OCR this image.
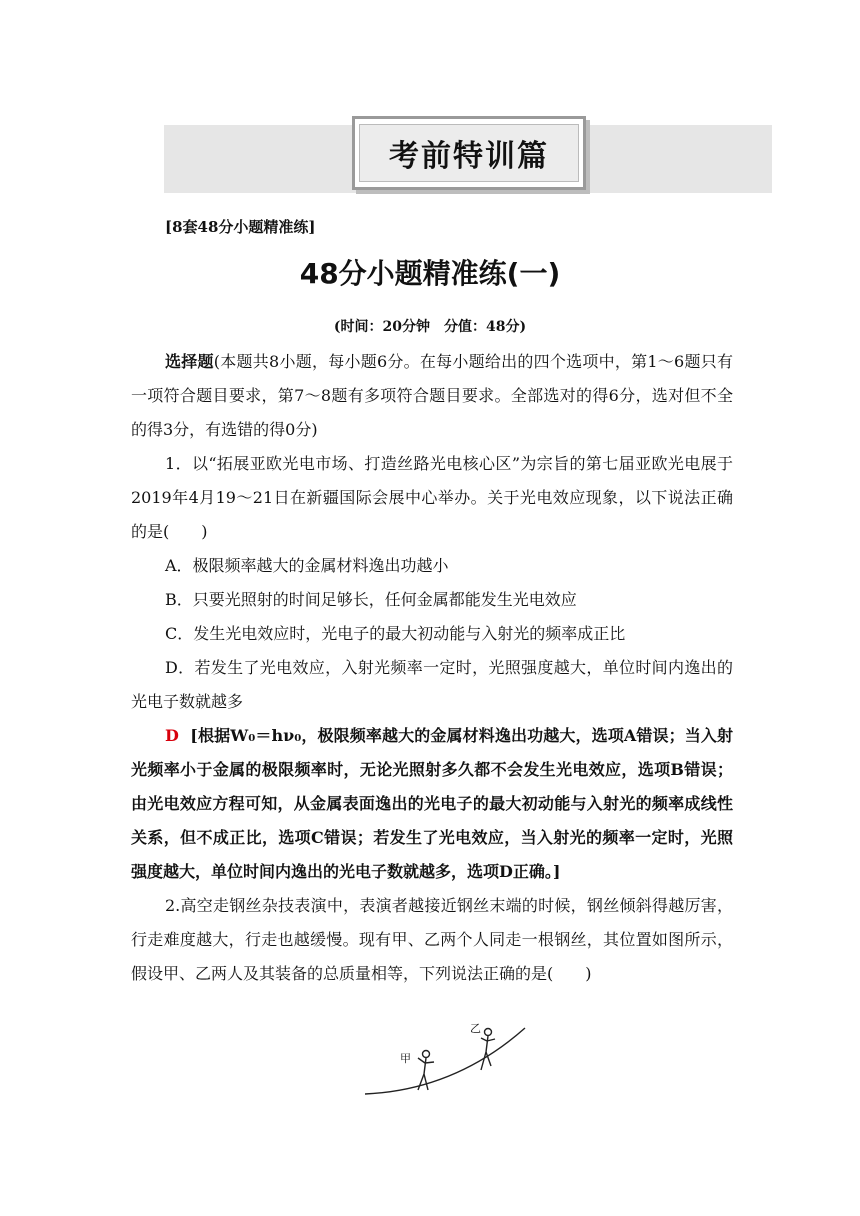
考前特训篇
[8套48分小题精准练]
48分小题精准练(一)
(时间：20分钟　分值：48分)

选择题(本题共8小题，每小题6分。在每小题给出的四个选项中，第1～6题只有一项符合题目要求，第7～8题有多项符合题目要求。全部选对的得6分，选对但不全的得3分，有选错的得0分)

1．以“拓展亚欧光电市场、打造丝路光电核心区”为宗旨的第七届亚欧光电展于2019年4月19～21日在新疆国际会展中心举办。关于光电效应现象，以下说法正确的是(　　)

A．极限频率越大的金属材料逸出功越小

B．只要光照射的时间足够长，任何金属都能发生光电效应

C．发生光电效应时，光电子的最大初动能与入射光的频率成正比

D．若发生了光电效应，入射光频率一定时，光照强度越大，单位时间内逸出的光电子数就越多

D [根据W₀＝hν₀，极限频率越大的金属材料逸出功越大，选项A错误；当入射光频率小于金属的极限频率时，无论光照射多久都不会发生光电效应，选项B错误；由光电效应方程可知，从金属表面逸出的光电子的最大初动能与入射光的频率成线性关系，但不成正比，选项C错误；若发生了光电效应，当入射光的频率一定时，光照强度越大，单位时间内逸出的光电子数就越多，选项D正确。]

2.高空走钢丝杂技表演中，表演者越接近钢丝末端的时候，钢丝倾斜得越厉害，行走难度越大，行走也越缓慢。现有甲、乙两个人同走一根钢丝，其位置如图所示，假设甲、乙两人及其装备的总质量相等，下列说法正确的是(　　)

甲
乙
